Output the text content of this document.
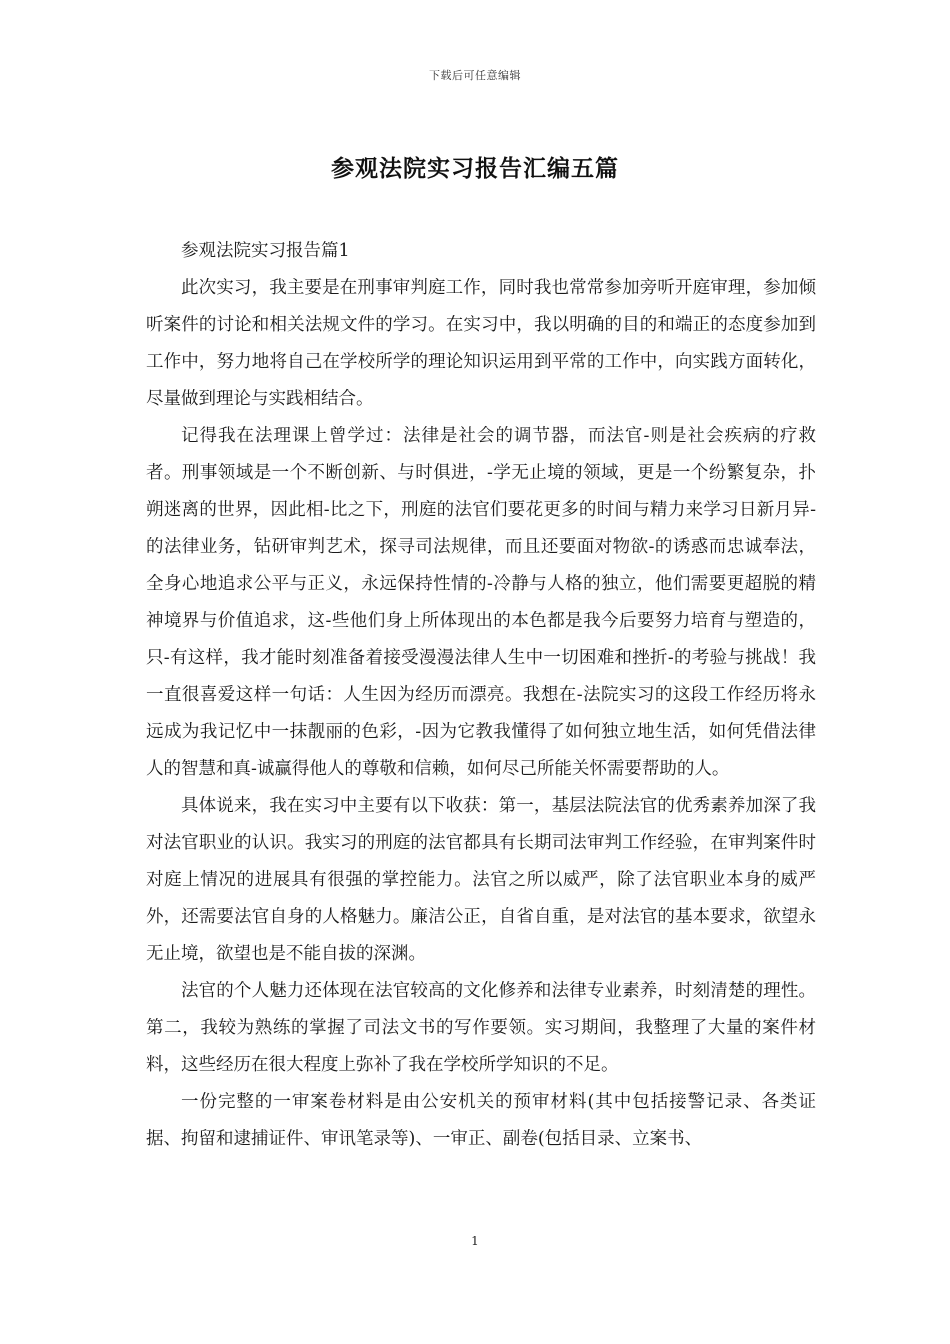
下载后可任意编辑
参观法院实习报告汇编五篇

参观法院实习报告篇1

此次实习，我主要是在刑事审判庭工作，同时我也常常参加旁听开庭审理，参加倾听案件的讨论和相关法规文件的学习。在实习中，我以明确的目的和端正的态度参加到工作中，努力地将自己在学校所学的理论知识运用到平常的工作中，向实践方面转化，尽量做到理论与实践相结合。

记得我在法理课上曾学过：法律是社会的调节器，而法官-则是社会疾病的疗救者。刑事领域是一个不断创新、与时俱进，-学无止境的领域，更是一个纷繁复杂，扑朔迷离的世界，因此相-比之下，刑庭的法官们要花更多的时间与精力来学习日新月异-的法律业务，钻研审判艺术，探寻司法规律，而且还要面对物欲-的诱惑而忠诚奉法，全身心地追求公平与正义，永远保持性情的-冷静与人格的独立，他们需要更超脱的精神境界与价值追求，这-些他们身上所体现出的本色都是我今后要努力培育与塑造的，只-有这样，我才能时刻准备着接受漫漫法律人生中一切困难和挫折-的考验与挑战！我一直很喜爱这样一句话：人生因为经历而漂亮。我想在-法院实习的这段工作经历将永远成为我记忆中一抹靓丽的色彩，-因为它教我懂得了如何独立地生活，如何凭借法律人的智慧和真-诚赢得他人的尊敬和信赖，如何尽己所能关怀需要帮助的人。

具体说来，我在实习中主要有以下收获：第一，基层法院法官的优秀素养加深了我对法官职业的认识。我实习的刑庭的法官都具有长期司法审判工作经验，在审判案件时对庭上情况的进展具有很强的掌控能力。法官之所以威严，除了法官职业本身的威严外，还需要法官自身的人格魅力。廉洁公正，自省自重，是对法官的基本要求，欲望永无止境，欲望也是不能自拔的深渊。

法官的个人魅力还体现在法官较高的文化修养和法律专业素养，时刻清楚的理性。第二，我较为熟练的掌握了司法文书的写作要领。实习期间，我整理了大量的案件材料，这些经历在很大程度上弥补了我在学校所学知识的不足。

一份完整的一审案卷材料是由公安机关的预审材料(其中包括接警记录、各类证据、拘留和逮捕证件、审讯笔录等)、一审正、副卷(包括目录、立案书、

1
